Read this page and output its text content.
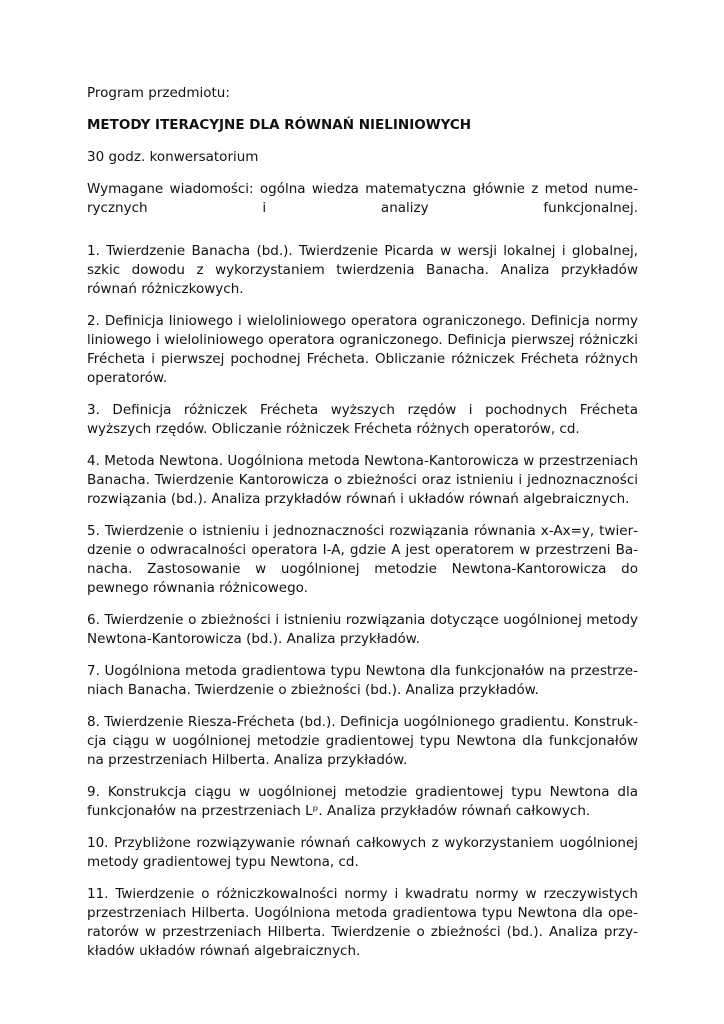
Program przedmiotu:

METODY ITERACYJNE DLA RÓWNAŃ NIELINIOWYCH

30 godz. konwersatorium

Wymagane wiadomości: ogólna wiedza matematyczna głównie z metod numerycznych i analizy funkcjonalnej.

1. Twierdzenie Banacha (bd.). Twierdzenie Picarda w wersji lokalnej i globalnej, szkic dowodu z wykorzystaniem twierdzenia Banacha. Analiza przykładów równań różniczkowych.

2. Definicja liniowego i wieloliniowego operatora ograniczonego. Definicja normy liniowego i wieloliniowego operatora ograniczonego. Definicja pierwszej różniczki Frécheta i pierwszej pochodnej Frécheta. Obliczanie różniczek Frécheta różnych operatorów.

3. Definicja różniczek Frécheta wyższych rzędów i pochodnych Frécheta wyższych rzędów. Obliczanie różniczek Frécheta różnych operatorów, cd.

4. Metoda Newtona. Uogólniona metoda Newtona-Kantorowicza w przestrzeniach Banacha. Twierdzenie Kantorowicza o zbieżności oraz istnieniu i jednoznaczności rozwiązania (bd.). Analiza przykładów równań i układów równań algebraicznych.

5. Twierdzenie o istnieniu i jednoznaczności rozwiązania równania x-Ax=y, twierdzenie o odwracalności operatora I-A, gdzie A jest operatorem w przestrzeni Banacha. Zastosowanie w uogólnionej metodzie Newtona-Kantorowicza do pewnego równania różnicowego.

6. Twierdzenie o zbieżności i istnieniu rozwiązania dotyczące uogólnionej metody Newtona-Kantorowicza (bd.). Analiza przykładów.

7. Uogólniona metoda gradientowa typu Newtona dla funkcjonałów na przestrzeniach Banacha. Twierdzenie o zbieżności (bd.). Analiza przykładów.

8. Twierdzenie Riesza-Frécheta (bd.). Definicja uogólnionego gradientu. Konstrukcja ciągu w uogólnionej metodzie gradientowej typu Newtona dla funkcjonałów na przestrzeniach Hilberta. Analiza przykładów.

9. Konstrukcja ciągu w uogólnionej metodzie gradientowej typu Newtona dla funkcjonałów na przestrzeniach Lᵖ. Analiza przykładów równań całkowych.

10. Przybliżone rozwiązywanie równań całkowych z wykorzystaniem uogólnionej metody gradientowej typu Newtona, cd.

11. Twierdzenie o różniczkowalności normy i kwadratu normy w rzeczywistych przestrzeniach Hilberta. Uogólniona metoda gradientowa typu Newtona dla operatorów w przestrzeniach Hilberta. Twierdzenie o zbieżności (bd.). Analiza przykładów układów równań algebraicznych.
